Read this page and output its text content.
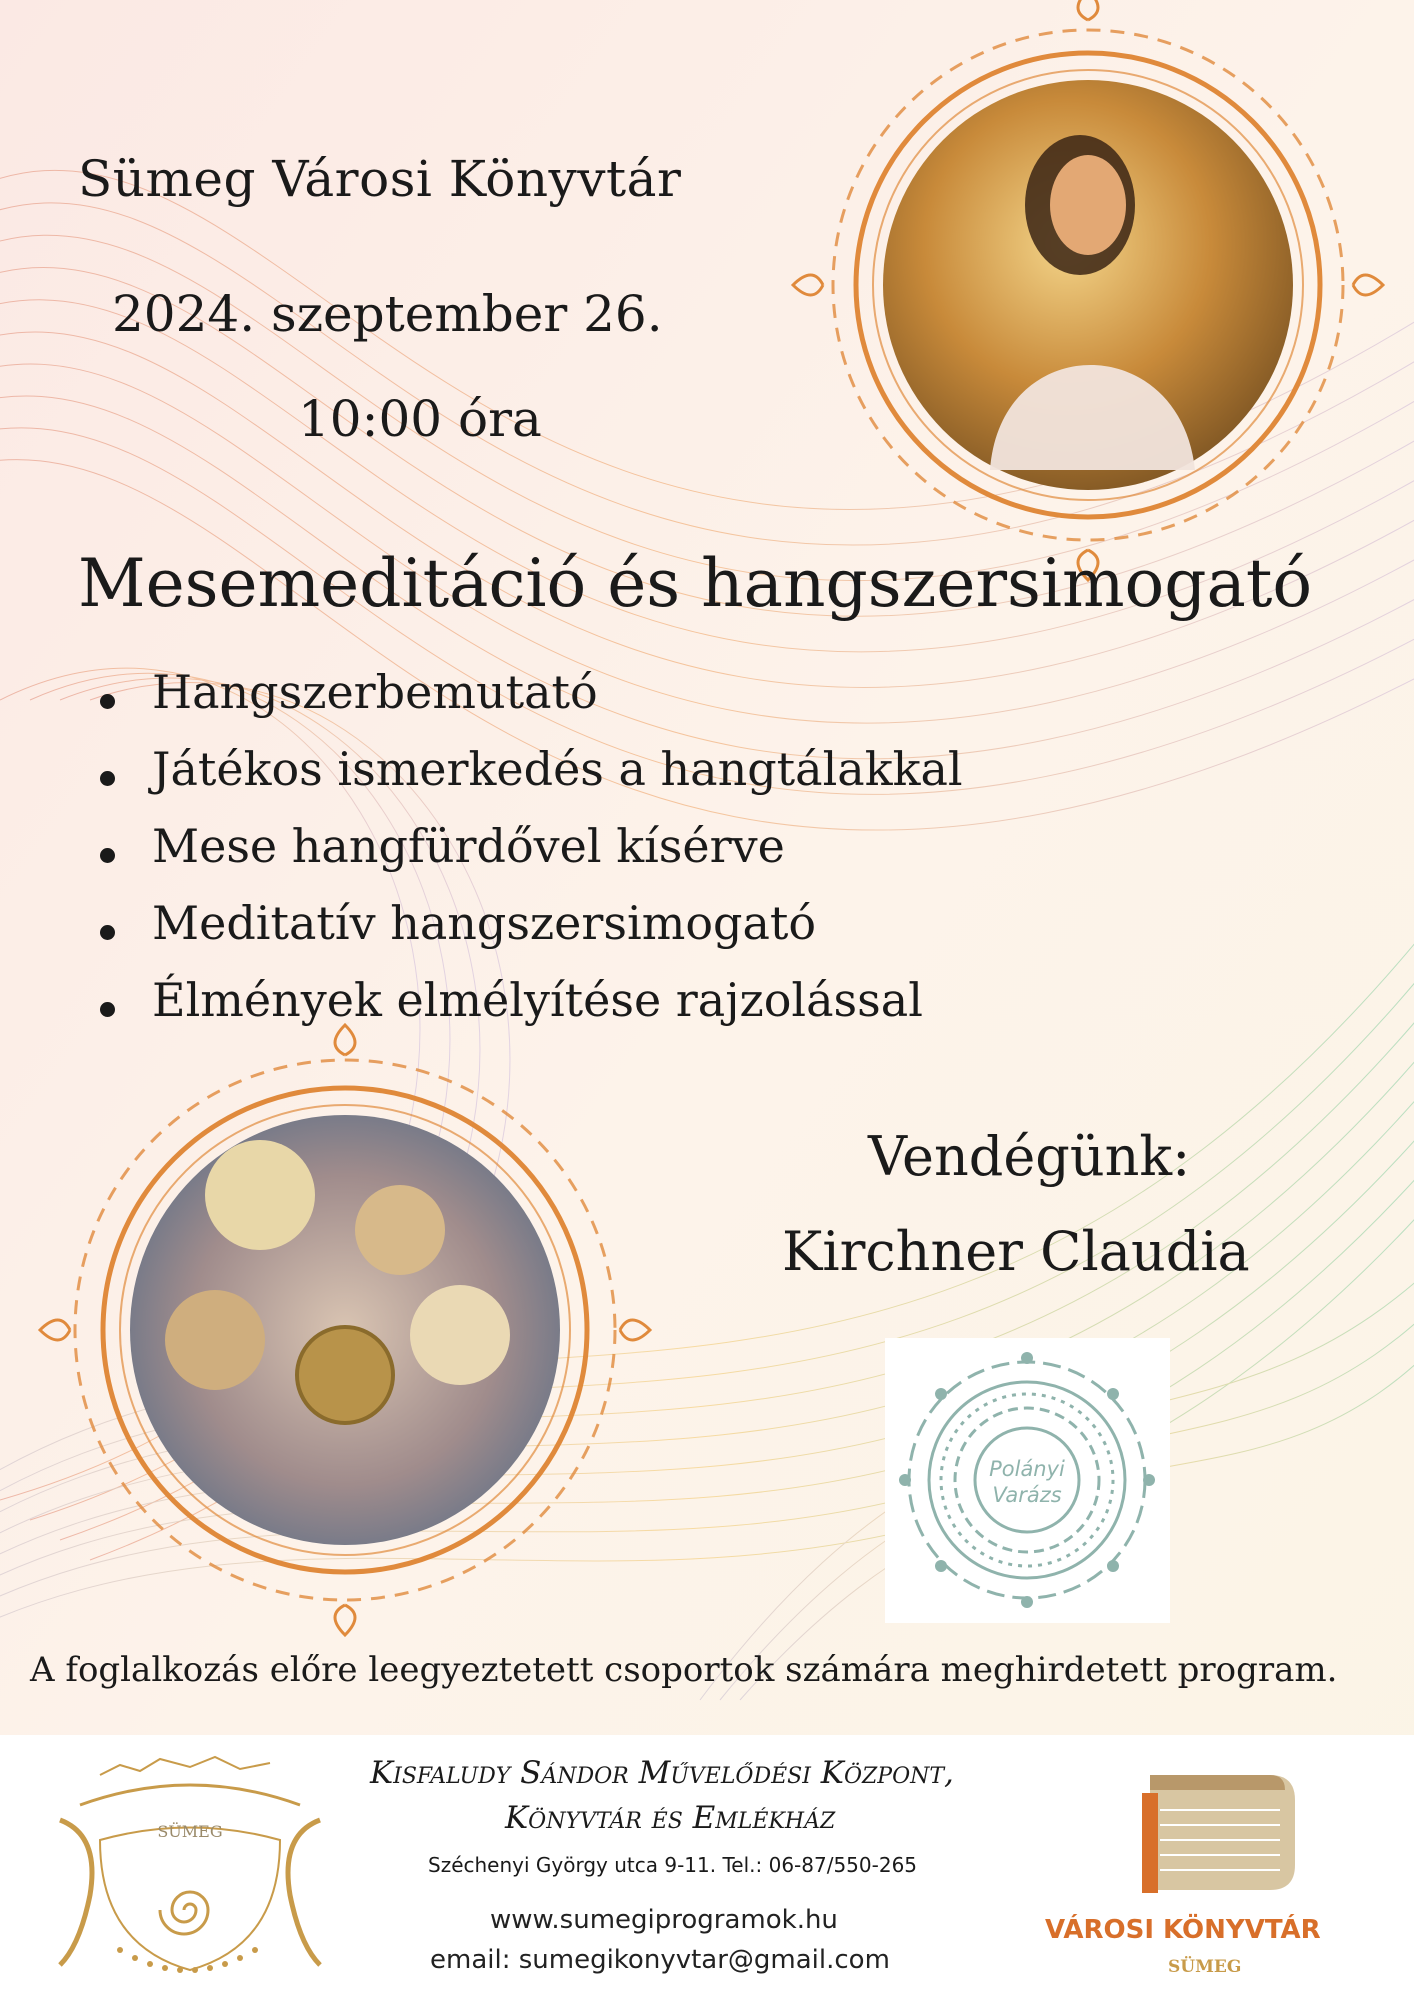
Sümeg Városi Könyvtár
2024. szeptember 26.
10:00 óra
Mesemeditáció és hangszersimogató
Hangszerbemutató
Játékos ismerkedés a hangtálakkal
Mese hangfürdővel kísérve
Meditatív hangszersimogató
Élmények elmélyítése rajzolással
Vendégünk:
Kirchner Claudia
Polányi
Varázs
A foglalkozás előre leegyeztetett csoportok számára meghirdetett program.
SÜMEG
Kisfaludy Sándor Művelődési Központ,
Könyvtár és Emlékház
Széchenyi György utca 9-11. Tel.: 06-87/550-265
www.sumegiprogramok.hu
email: sumegikonyvtar@gmail.com
VÁROSI KÖNYVTÁR
SÜMEG
